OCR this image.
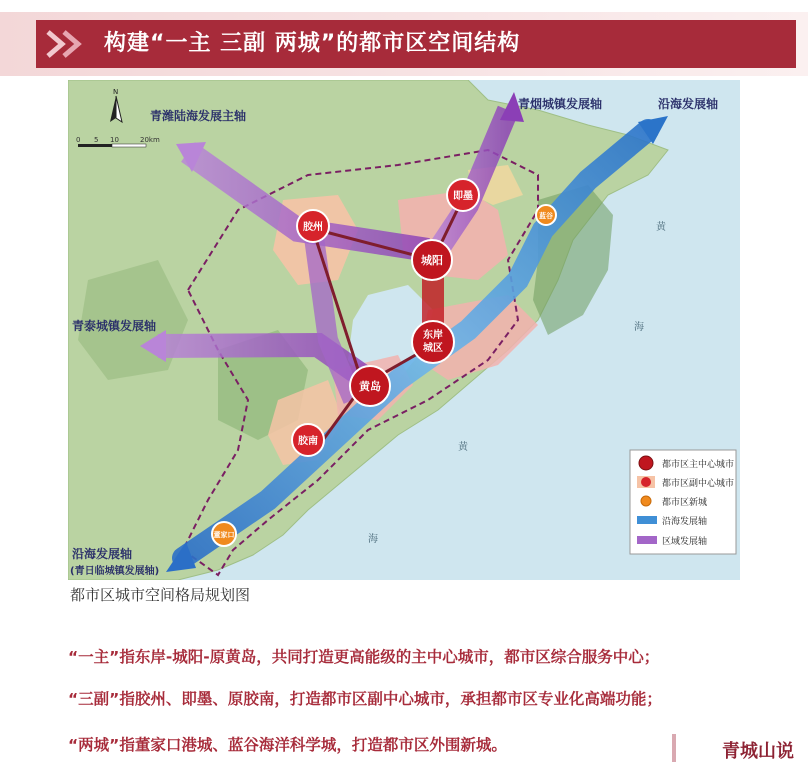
构建“一主 三副 两城”的都市区空间结构
N
0 5 10	20km
青潍陆海发展主轴
青烟城镇发展轴	沿海发展轴
青泰城镇发展轴
沿海发展轴
(青日临城镇发展轴)
城阳
东岸
城区
黄岛
胶州
即墨
胶南
董家口
蓝谷
黄
海
黄
海
都市区主中心城市
都市区副中心城市
都市区新城
沿海发展轴
区域发展轴
都市区城市空间格局规划图
“一主”指东岸-城阳-原黄岛，共同打造更高能级的主中心城市，都市区综合服务中心；
“三副”指胶州、即墨、原胶南，打造都市区副中心城市，承担都市区专业化高端功能；
“两城”指董家口港城、蓝谷海洋科学城，打造都市区外围新城。	青城山说
